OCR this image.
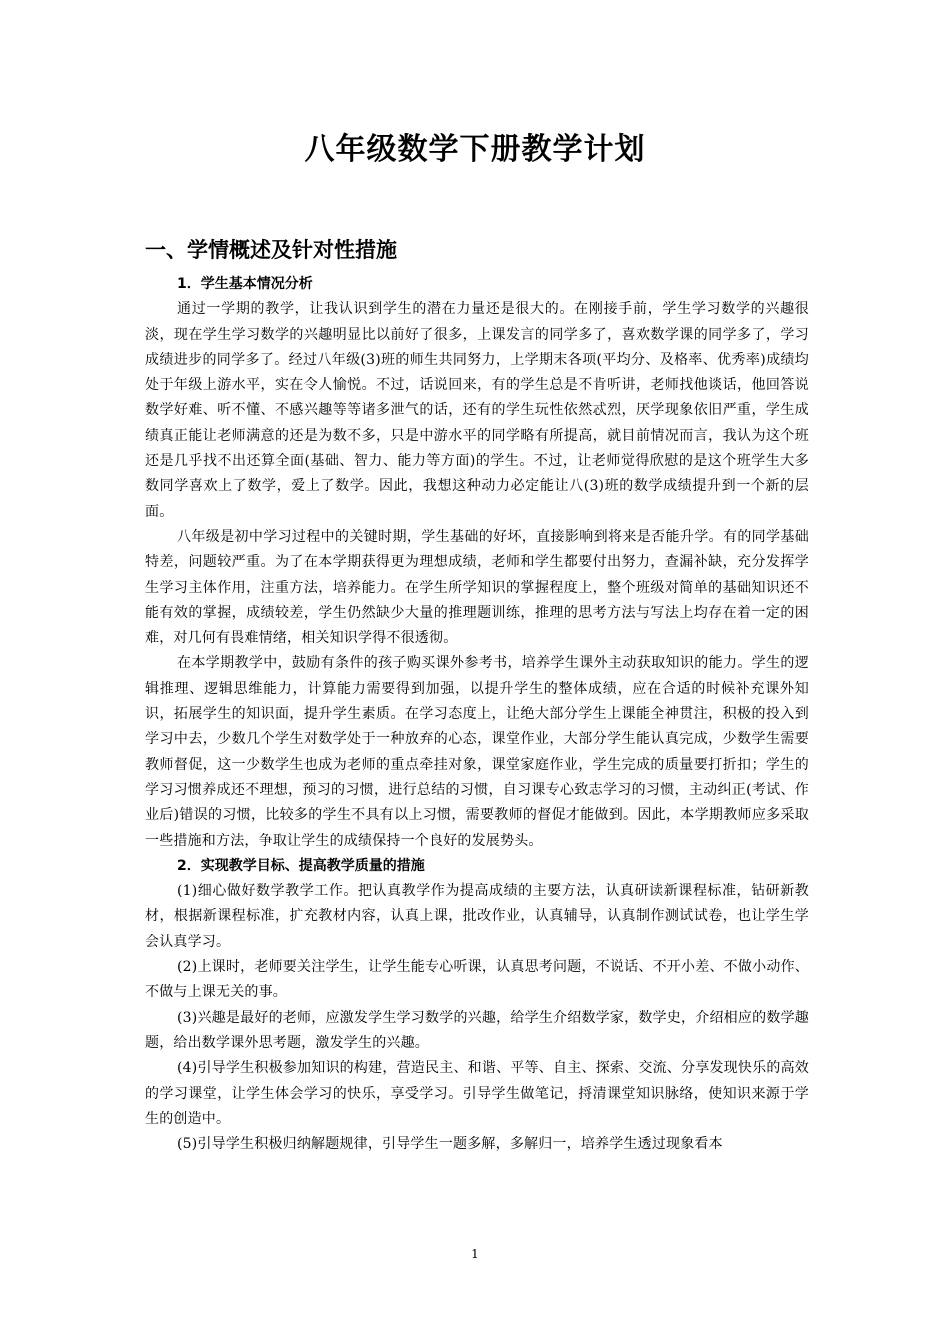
八年级数学下册教学计划
一、学情概述及针对性措施

1．学生基本情况分析

通过一学期的教学，让我认识到学生的潜在力量还是很大的。在刚接手前，学生学习数学的兴趣很淡，现在学生学习数学的兴趣明显比以前好了很多，上课发言的同学多了，喜欢数学课的同学多了，学习成绩进步的同学多了。经过八年级(3)班的师生共同努力，上学期末各项(平均分、及格率、优秀率)成绩均处于年级上游水平，实在令人愉悦。不过，话说回来，有的学生总是不肯听讲，老师找他谈话，他回答说数学好难、听不懂、不感兴趣等等诸多泄气的话，还有的学生玩性依然忒烈，厌学现象依旧严重，学生成绩真正能让老师满意的还是为数不多，只是中游水平的同学略有所提高，就目前情况而言，我认为这个班还是几乎找不出还算全面(基础、智力、能力等方面)的学生。不过，让老师觉得欣慰的是这个班学生大多数同学喜欢上了数学，爱上了数学。因此，我想这种动力必定能让八(3)班的数学成绩提升到一个新的层面。

八年级是初中学习过程中的关键时期，学生基础的好坏，直接影响到将来是否能升学。有的同学基础特差，问题较严重。为了在本学期获得更为理想成绩，老师和学生都要付出努力，查漏补缺，充分发挥学生学习主体作用，注重方法，培养能力。在学生所学知识的掌握程度上，整个班级对简单的基础知识还不能有效的掌握，成绩较差，学生仍然缺少大量的推理题训练，推理的思考方法与写法上均存在着一定的困难，对几何有畏难情绪，相关知识学得不很透彻。

在本学期教学中，鼓励有条件的孩子购买课外参考书，培养学生课外主动获取知识的能力。学生的逻辑推理、逻辑思维能力，计算能力需要得到加强，以提升学生的整体成绩，应在合适的时候补充课外知识，拓展学生的知识面，提升学生素质。在学习态度上，让绝大部分学生上课能全神贯注，积极的投入到学习中去，少数几个学生对数学处于一种放弃的心态，课堂作业，大部分学生能认真完成，少数学生需要教师督促，这一少数学生也成为老师的重点牵挂对象，课堂家庭作业，学生完成的质量要打折扣；学生的学习习惯养成还不理想，预习的习惯，进行总结的习惯，自习课专心致志学习的习惯，主动纠正(考试、作业后)错误的习惯，比较多的学生不具有以上习惯，需要教师的督促才能做到。因此，本学期教师应多采取一些措施和方法，争取让学生的成绩保持一个良好的发展势头。

2．实现教学目标、提高教学质量的措施

(1)细心做好数学教学工作。把认真教学作为提高成绩的主要方法，认真研读新课程标准，钻研新教材，根据新课程标准，扩充教材内容，认真上课，批改作业，认真辅导，认真制作测试试卷，也让学生学会认真学习。

(2)上课时，老师要关注学生，让学生能专心听课，认真思考问题，不说话、不开小差、不做小动作、不做与上课无关的事。

(3)兴趣是最好的老师，应激发学生学习数学的兴趣，给学生介绍数学家，数学史，介绍相应的数学趣题，给出数学课外思考题，激发学生的兴趣。

(4)引导学生积极参加知识的构建，营造民主、和谐、平等、自主、探索、交流、分享发现快乐的高效的学习课堂，让学生体会学习的快乐，享受学习。引导学生做笔记，捋清课堂知识脉络，使知识来源于学生的创造中。

(5)引导学生积极归纳解题规律，引导学生一题多解，多解归一，培养学生透过现象看本

1
